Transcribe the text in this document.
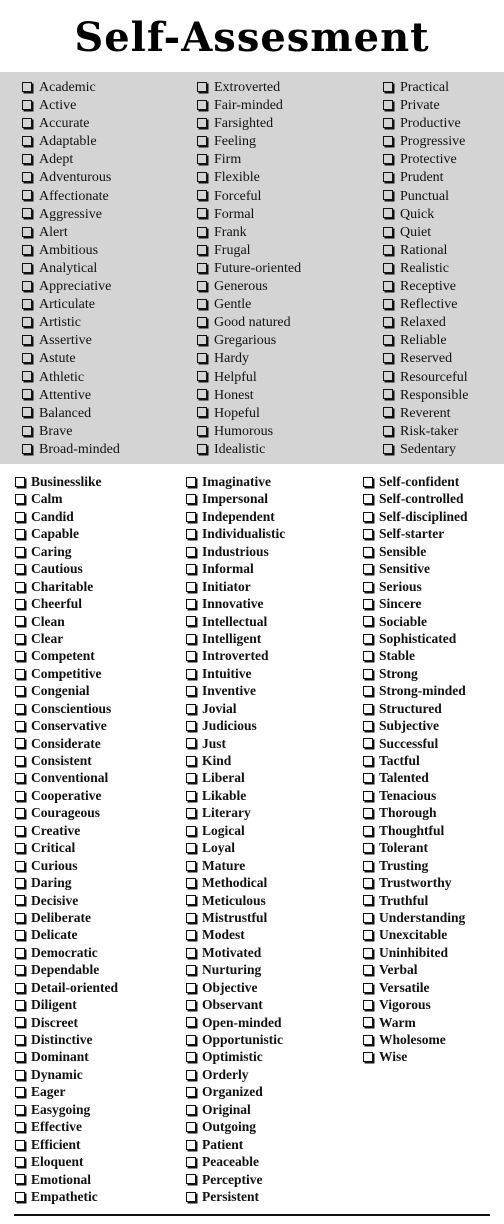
Self-Assesment
Academic
Active
Accurate
Adaptable
Adept
Adventurous
Affectionate
Aggressive
Alert
Ambitious
Analytical
Appreciative
Articulate
Artistic
Assertive
Astute
Athletic
Attentive
Balanced
Brave
Broad-minded
Extroverted
Fair-minded
Farsighted
Feeling
Firm
Flexible
Forceful
Formal
Frank
Frugal
Future-oriented
Generous
Gentle
Good natured
Gregarious
Hardy
Helpful
Honest
Hopeful
Humorous
Idealistic
Practical
Private
Productive
Progressive
Protective
Prudent
Punctual
Quick
Quiet
Rational
Realistic
Receptive
Reflective
Relaxed
Reliable
Reserved
Resourceful
Responsible
Reverent
Risk-taker
Sedentary
Businesslike
Calm
Candid
Capable
Caring
Cautious
Charitable
Cheerful
Clean
Clear
Competent
Competitive
Congenial
Conscientious
Conservative
Considerate
Consistent
Conventional
Cooperative
Courageous
Creative
Critical
Curious
Daring
Decisive
Deliberate
Delicate
Democratic
Dependable
Detail-oriented
Diligent
Discreet
Distinctive
Dominant
Dynamic
Eager
Easygoing
Effective
Efficient
Eloquent
Emotional
Empathetic
Imaginative
Impersonal
Independent
Individualistic
Industrious
Informal
Initiator
Innovative
Intellectual
Intelligent
Introverted
Intuitive
Inventive
Jovial
Judicious
Just
Kind
Liberal
Likable
Literary
Logical
Loyal
Mature
Methodical
Meticulous
Mistrustful
Modest
Motivated
Nurturing
Objective
Observant
Open-minded
Opportunistic
Optimistic
Orderly
Organized
Original
Outgoing
Patient
Peaceable
Perceptive
Persistent
Self-confident
Self-controlled
Self-disciplined
Self-starter
Sensible
Sensitive
Serious
Sincere
Sociable
Sophisticated
Stable
Strong
Strong-minded
Structured
Subjective
Successful
Tactful
Talented
Tenacious
Thorough
Thoughtful
Tolerant
Trusting
Trustworthy
Truthful
Understanding
Unexcitable
Uninhibited
Verbal
Versatile
Vigorous
Warm
Wholesome
Wise
